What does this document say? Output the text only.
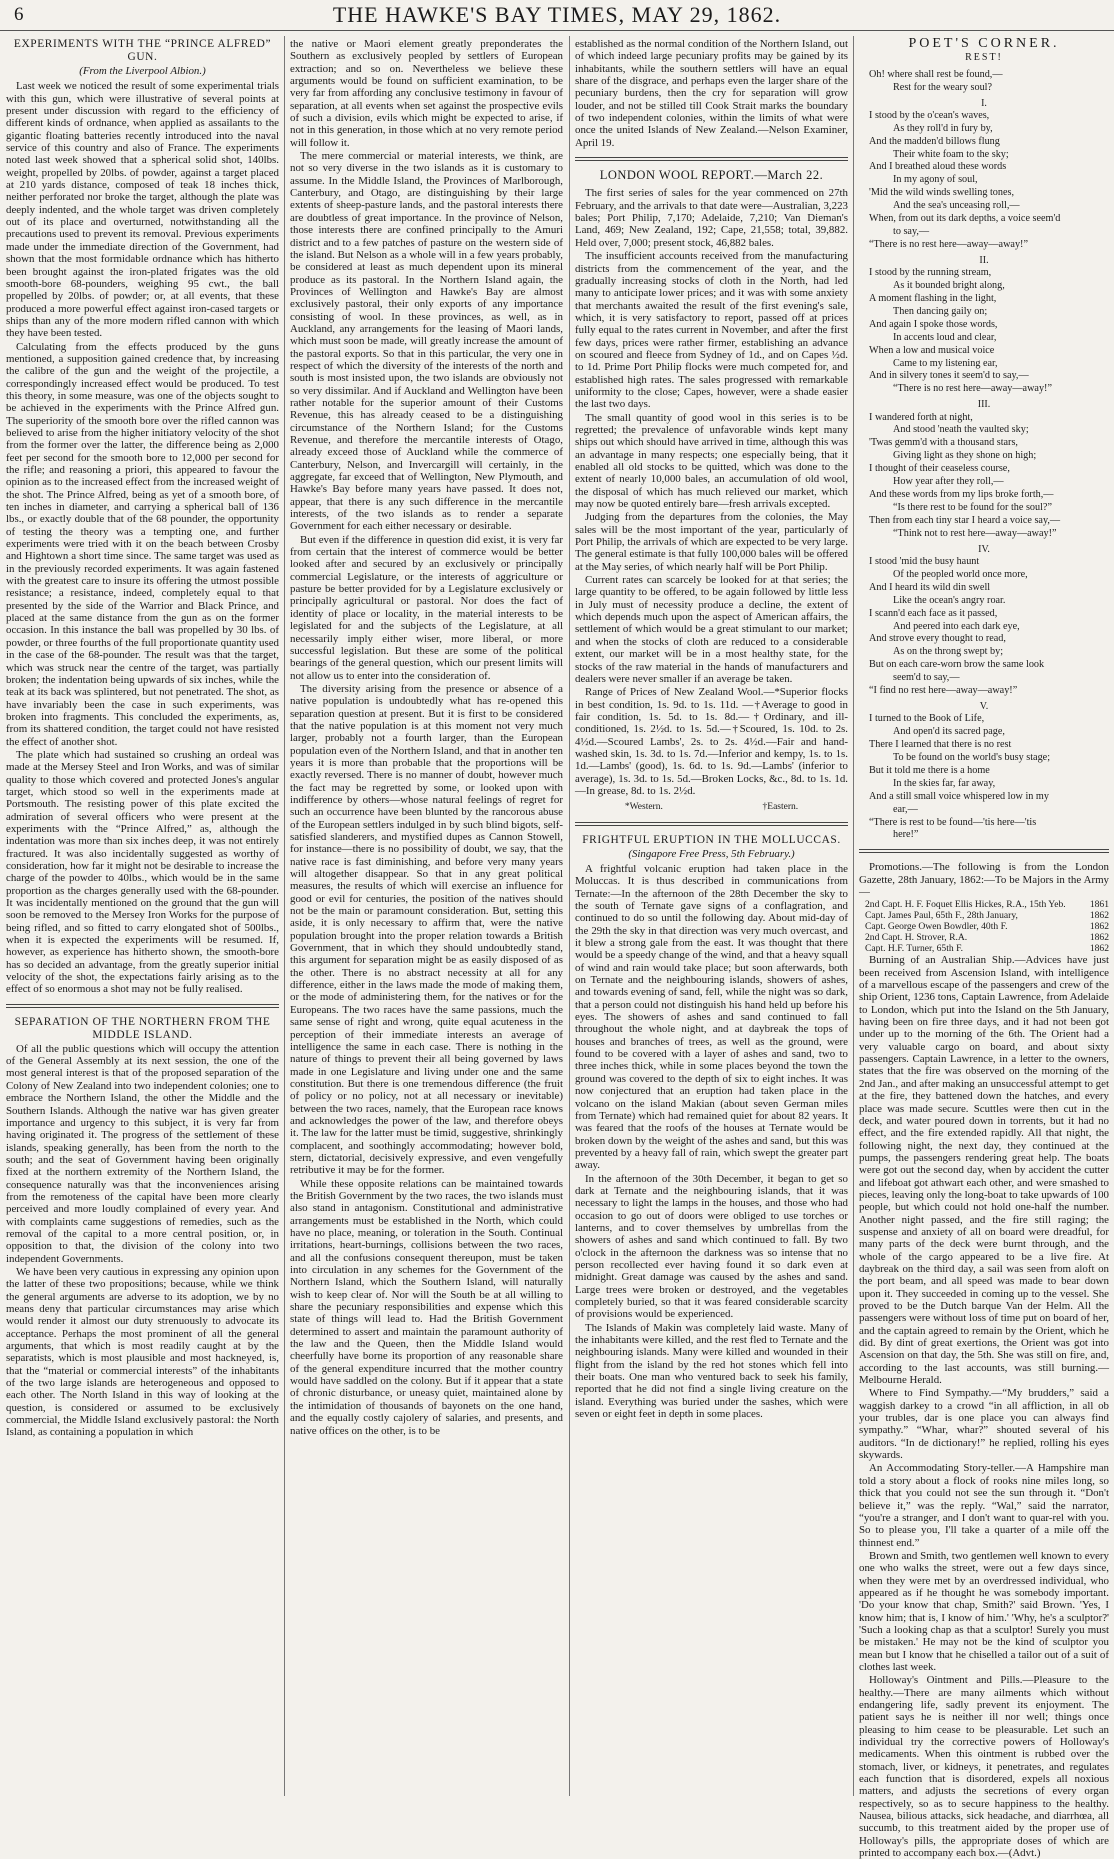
6	THE HAWKE'S BAY TIMES, MAY 29, 1862.
EXPERIMENTS WITH THE “PRINCE ALFRED” GUN.
(From the Liverpool Albion.)

Last week we noticed the result of some experimental trials with this gun, which were illustrative of several points at present under discussion with regard to the efficiency of different kinds of ordnance, when applied as assailants to the gigantic floating batteries recently introduced into the naval service of this country and also of France. The experiments noted last week showed that a spherical solid shot, 140lbs. weight, propelled by 20lbs. of powder, against a target placed at 210 yards distance, composed of teak 18 inches thick, neither perforated nor broke the target, although the plate was deeply indented, and the whole target was driven completely out of its place and overturned, notwithstanding all the precautions used to prevent its removal. Previous experiments made under the immediate direction of the Government, had shown that the most formidable ordnance which has hitherto been brought against the iron-plated frigates was the old smooth-bore 68-pounders, weighing 95 cwt., the ball propelled by 20lbs. of powder; or, at all events, that these produced a more powerful effect against iron-cased targets or ships than any of the more modern rifled cannon with which they have been tested.

Calculating from the effects produced by the guns mentioned, a supposition gained credence that, by increasing the calibre of the gun and the weight of the projectile, a correspondingly increased effect would be produced. To test this theory, in some measure, was one of the objects sought to be achieved in the experiments with the Prince Alfred gun. The superiority of the smooth bore over the rifled cannon was believed to arise from the higher initiatory velocity of the shot from the former over the latter, the difference being as 2,000 feet per second for the smooth bore to 12,000 per second for the rifle; and reasoning a priori, this appeared to favour the opinion as to the increased effect from the increased weight of the shot. The Prince Alfred, being as yet of a smooth bore, of ten inches in diameter, and carrying a spherical ball of 136 lbs., or exactly double that of the 68 pounder, the opportunity of testing the theory was a tempting one, and further experiments were tried with it on the beach between Crosby and Hightown a short time since. The same target was used as in the previously recorded experiments. It was again fastened with the greatest care to insure its offering the utmost possible resistance; a resistance, indeed, completely equal to that presented by the side of the Warrior and Black Prince, and placed at the same distance from the gun as on the former occasion. In this instance the ball was propelled by 30 lbs. of powder, or three fourths of the full proportionate quantity used in the case of the 68-pounder. The result was that the target, which was struck near the centre of the target, was partially broken; the indentation being upwards of six inches, while the teak at its back was splintered, but not penetrated. The shot, as have invariably been the case in such experiments, was broken into fragments. This concluded the experiments, as, from its shattered condition, the target could not have resisted the effect of another shot.

The plate which had sustained so crushing an ordeal was made at the Mersey Steel and Iron Works, and was of similar quality to those which covered and protected Jones's angular target, which stood so well in the experiments made at Portsmouth. The resisting power of this plate excited the admiration of several officers who were present at the experiments with the “Prince Alfred,” as, although the indentation was more than six inches deep, it was not entirely fractured. It was also incidentally suggested as worthy of consideration, how far it might not be desirable to increase the charge of the powder to 40lbs., which would be in the same proportion as the charges generally used with the 68-pounder. It was incidentally mentioned on the ground that the gun will soon be removed to the Mersey Iron Works for the purpose of being rifled, and so fitted to carry elongated shot of 500lbs., when it is expected the experiments will be resumed. If, however, as experience has hitherto shown, the smooth-bore has so decided an advantage, from the greatly superior initial velocity of the shot, the expectations fairly arising as to the effect of so enormous a shot may not be fully realised.

SEPARATION OF THE NORTHERN FROM THE MIDDLE ISLAND.

Of all the public questions which will occupy the attention of the General Assembly at its next session, the one of the most general interest is that of the proposed separation of the Colony of New Zealand into two independent colonies; one to embrace the Northern Island, the other the Middle and the Southern Islands. Although the native war has given greater importance and urgency to this subject, it is very far from having originated it. The progress of the settlement of these islands, speaking generally, has been from the north to the south; and the seat of Government having been originally fixed at the northern extremity of the Northern Island, the consequence naturally was that the inconveniences arising from the remoteness of the capital have been more clearly perceived and more loudly complained of every year. And with complaints came suggestions of remedies, such as the removal of the capital to a more central position, or, in opposition to that, the division of the colony into two independent Governments.

We have been very cautious in expressing any opinion upon the latter of these two propositions; because, while we think the general arguments are adverse to its adoption, we by no means deny that particular circumstances may arise which would render it almost our duty strenuously to advocate its acceptance. Perhaps the most prominent of all the general arguments, that which is most readily caught at by the separatists, which is most plausible and most hackneyed, is, that the “material or commercial interests” of the inhabitants of the two large islands are heterogeneous and opposed to each other. The North Island in this way of looking at the question, is considered or assumed to be exclusively commercial, the Middle Island exclusively pastoral: the North Island, as containing a population in which

the native or Maori element greatly preponderates the Southern as exclusively peopled by settlers of European extraction; and so on. Nevertheless we believe these arguments would be found on sufficient examination, to be very far from affording any conclusive testimony in favour of separation, at all events when set against the prospective evils of such a division, evils which might be expected to arise, if not in this generation, in those which at no very remote period will follow it.

The mere commercial or material interests, we think, are not so very diverse in the two islands as it is customary to assume. In the Middle Island, the Provinces of Marlborough, Canterbury, and Otago, are distinguishing by their large extents of sheep-pasture lands, and the pastoral interests there are doubtless of great importance. In the province of Nelson, those interests there are confined principally to the Amuri district and to a few patches of pasture on the western side of the island. But Nelson as a whole will in a few years probably, be considered at least as much dependent upon its mineral produce as its pastoral. In the Northern Island again, the Provinces of Wellington and Hawke's Bay are almost exclusively pastoral, their only exports of any importance consisting of wool. In these provinces, as well, as in Auckland, any arrangements for the leasing of Maori lands, which must soon be made, will greatly increase the amount of the pastoral exports. So that in this particular, the very one in respect of which the diversity of the interests of the north and south is most insisted upon, the two islands are obviously not so very dissimilar. And if Auckland and Wellington have been rather notable for the superior amount of their Customs Revenue, this has already ceased to be a distinguishing circumstance of the Northern Island; for the Customs Revenue, and therefore the mercantile interests of Otago, already exceed those of Auckland while the commerce of Canterbury, Nelson, and Invercargill will certainly, in the aggregate, far exceed that of Wellington, New Plymouth, and Hawke's Bay before many years have passed. It does not, appear, that there is any such difference in the mercantile interests, of the two islands as to render a separate Government for each either necessary or desirable.

But even if the difference in question did exist, it is very far from certain that the interest of commerce would be better looked after and secured by an exclusively or principally commercial Legislature, or the interests of aggriculture or pasture be better provided for by a Legislature exclusively or principally agricultural or pastoral. Nor does the fact of identity of place or locality, in the material interests to be legislated for and the subjects of the Legislature, at all necessarily imply either wiser, more liberal, or more successful legislation. But these are some of the political bearings of the general question, which our present limits will not allow us to enter into the consideration of.

The diversity arising from the presence or absence of a native population is undoubtedly what has re-opened this separation question at present. But it is first to be considered that the native population is at this moment not very much larger, probably not a fourth larger, than the European population even of the Northern Island, and that in another ten years it is more than probable that the proportions will be exactly reversed. There is no manner of doubt, however much the fact may be regretted by some, or looked upon with indifference by others—whose natural feelings of regret for such an occurrence have been blunted by the rancorous abuse of the European settlers indulged in by such blind bigots, self-satisfied slanderers, and mystified dupes as Cannon Stowell, for instance—there is no possibility of doubt, we say, that the native race is fast diminishing, and before very many years will altogether disappear. So that in any great political measures, the results of which will exercise an influence for good or evil for centuries, the position of the natives should not be the main or paramount consideration. But, setting this aside, it is only necessary to affirm that, were the native population brought into the proper relation towards a British Government, that in which they should undoubtedly stand, this argument for separation might be as easily disposed of as the other. There is no abstract necessity at all for any difference, either in the laws made the mode of making them, or the mode of administering them, for the natives or for the Europeans. The two races have the same passions, much the same sense of right and wrong, quite equal acuteness in the perception of their immediate interests an average of intelligence the same in each case. There is nothing in the nature of things to prevent their all being governed by laws made in one Legislature and living under one and the same constitution. But there is one tremendous difference (the fruit of policy or no policy, not at all necessary or inevitable) between the two races, namely, that the European race knows and acknowledges the power of the law, and therefore obeys it. The law for the latter must be timid, suggestive, shrinkingly complacent, and soothingly accommodating; however bold, stern, dictatorial, decisively expressive, and even vengefully retributive it may be for the former.

While these opposite relations can be maintained towards the British Government by the two races, the two islands must also stand in antagonism. Constitutional and administrative arrangements must be established in the North, which could have no place, meaning, or toleration in the South. Continual irritations, heart-burnings, collisions between the two races, and all the confusions consequent thereupon, must be taken into circulation in any schemes for the Government of the Northern Island, which the Southern Island, will naturally wish to keep clear of. Nor will the South be at all willing to share the pecuniary responsibilities and expense which this state of things will lead to. Had the British Government determined to assert and maintain the paramount authority of the law and the Queen, then the Middle Island would cheerfully have borne its proportion of any reasonable share of the general expenditure incurred that the mother country would have saddled on the colony. But if it appear that a state of chronic disturbance, or uneasy quiet, maintained alone by the intimidation of thousands of bayonets on the one hand, and the equally costly cajolery of salaries, and presents, and native offices on the other, is to be

established as the normal condition of the Northern Island, out of which indeed large pecuniary profits may be gained by its inhabitants, while the southern settlers will have an equal share of the disgrace, and perhaps even the larger share of the pecuniary burdens, then the cry for separation will grow louder, and not be stilled till Cook Strait marks the boundary of two independent colonies, within the limits of what were once the united Islands of New Zealand.—Nelson Examiner, April 19.

LONDON WOOL REPORT.—March 22.

The first series of sales for the year commenced on 27th February, and the arrivals to that date were—Australian, 3,223 bales; Port Philip, 7,170; Adelaide, 7,210; Van Dieman's Land, 469; New Zealand, 192; Cape, 21,558; total, 39,882. Held over, 7,000; present stock, 46,882 bales.

The insufficient accounts received from the manufacturing districts from the commencement of the year, and the gradually increasing stocks of cloth in the North, had led many to anticipate lower prices; and it was with some anxiety that merchants awaited the result of the first evening's sale, which, it is very satisfactory to report, passed off at prices fully equal to the rates current in November, and after the first few days, prices were rather firmer, establishing an advance on scoured and fleece from Sydney of 1d., and on Capes ½d. to 1d. Prime Port Philip flocks were much competed for, and established high rates. The sales progressed with remarkable uniformity to the close; Capes, however, were a shade easier the last two days.

The small quantity of good wool in this series is to be regretted; the prevalence of unfavorable winds kept many ships out which should have arrived in time, although this was an advantage in many respects; one especially being, that it enabled all old stocks to be quitted, which was done to the extent of nearly 10,000 bales, an accumulation of old wool, the disposal of which has much relieved our market, which may now be quoted entirely bare—fresh arrivals excepted.

Judging from the departures from the colonies, the May sales will be the most important of the year, particularly of Port Philip, the arrivals of which are expected to be very large. The general estimate is that fully 100,000 bales will be offered at the May series, of which nearly half will be Port Philip.

Current rates can scarcely be looked for at that series; the large quantity to be offered, to be again followed by little less in July must of necessity produce a decline, the extent of which depends much upon the aspect of American affairs, the settlement of which would be a great stimulant to our market; and when the stocks of cloth are reduced to a considerable extent, our market will be in a most healthy state, for the stocks of the raw material in the hands of manufacturers and dealers were never smaller if an average be taken.

Range of Prices of New Zealand Wool.—*Superior flocks in best condition, 1s. 9d. to 1s. 11d. —†Average to good in fair condition, 1s. 5d. to 1s. 8d.—†Ordinary, and ill-conditioned, 1s. 2½d. to 1s. 5d.—†Scoured, 1s. 10d. to 2s. 4½d.—Scoured Lambs', 2s. to 2s. 4½d.—Fair and hand-washed skin, 1s. 3d. to 1s. 7d.—Inferior and kempy, 1s. to 1s. 1d.—Lambs' (good), 1s. 6d. to 1s. 9d.—Lambs' (inferior to average), 1s. 3d. to 1s. 5d.—Broken Locks, &c., 8d. to 1s. 1d.—In grease, 8d. to 1s. 2½d.

*Western.	†Eastern.
FRIGHTFUL ERUPTION IN THE MOLLUCCAS.
(Singapore Free Press, 5th February.)

A frightful volcanic eruption had taken place in the Moluccas. It is thus described in communications from Ternate:—In the afternoon of the 28th December the sky to the south of Ternate gave signs of a conflagration, and continued to do so until the following day. About mid-day of the 29th the sky in that direction was very much overcast, and it blew a strong gale from the east. It was thought that there would be a speedy change of the wind, and that a heavy squall of wind and rain would take place; but soon afterwards, both on Ternate and the neighbouring islands, showers of ashes, and towards evening of sand, fell, while the night was so dark, that a person could not distinguish his hand held up before his eyes. The showers of ashes and sand continued to fall throughout the whole night, and at daybreak the tops of houses and branches of trees, as well as the ground, were found to be covered with a layer of ashes and sand, two to three inches thick, while in some places beyond the town the ground was covered to the depth of six to eight inches. It was now conjectured that an eruption had taken place in the volcano on the island Makian (about seven German miles from Ternate) which had remained quiet for about 82 years. It was feared that the roofs of the houses at Ternate would be broken down by the weight of the ashes and sand, but this was prevented by a heavy fall of rain, which swept the greater part away.

In the afternoon of the 30th December, it began to get so dark at Ternate and the neighbouring islands, that it was necessary to light the lamps in the houses, and those who had occasion to go out of doors were obliged to use torches or lanterns, and to cover themselves by umbrellas from the showers of ashes and sand which continued to fall. By two o'clock in the afternoon the darkness was so intense that no person recollected ever having found it so dark even at midnight. Great damage was caused by the ashes and sand. Large trees were broken or destroyed, and the vegetables completely buried, so that it was feared considerable scarcity of provisions would be experienced.

The Islands of Makin was completely laid waste. Many of the inhabitants were killed, and the rest fled to Ternate and the neighbouring islands. Many were killed and wounded in their flight from the island by the red hot stones which fell into their boats. One man who ventured back to seek his family, reported that he did not find a single living creature on the island. Everything was buried under the sashes, which were seven or eight feet in depth in some places.

POET'S CORNER.
REST!

Oh! where shall rest be found,—

Rest for the weary soul?

I.

I stood by the o'cean's waves,

As they roll'd in fury by,

And the madden'd billows flung

Their white foam to the sky;

And I breathed aloud these words

In my agony of soul,

'Mid the wild winds swelling tones,

And the sea's unceasing roll,—

When, from out its dark depths, a voice seem'd

to say,—

“There is no rest here—away—away!”

II.

I stood by the running stream,

As it bounded bright along,

A moment flashing in the light,

Then dancing gaily on;

And again I spoke those words,

In accents loud and clear,

When a low and musical voice

Came to my listening ear,

And in silvery tones it seem'd to say,—

“There is no rest here—away—away!”

III.

I wandered forth at night,

And stood 'neath the vaulted sky;

'Twas gemm'd with a thousand stars,

Giving light as they shone on high;

I thought of their ceaseless course,

How year after they roll,—

And these words from my lips broke forth,—

“Is there rest to be found for the soul?”

Then from each tiny star I heard a voice say,—

“Think not to rest here—away—away!”

IV.

I stood 'mid the busy haunt

Of the peopled world once more,

And I heard its wild din swell

Like the ocean's angry roar.

I scann'd each face as it passed,

And peered into each dark eye,

And strove every thought to read,

As on the throng swept by;

But on each care-worn brow the same look

seem'd to say,—

“I find no rest here—away—away!”

V.

I turned to the Book of Life,

And open'd its sacred page,

There I learned that there is no rest

To be found on the world's busy stage;

But it told me there is a home

In the skies far, far away,

And a still small voice whispered low in my

ear,—

“There is rest to be found—'tis here—'tis

here!”

Promotions.—The following is from the London Gazette, 28th January, 1862:—To be Majors in the Army—

2nd Capt. H. F. Foquet Ellis Hickes, R.A., 15th Yeb.	1861
Capt. James Paul, 65th F., 28th January,	1862
Capt. George Owen Bowdler, 40th F.	1862
2nd Capt. H. Strover, R.A.	1862
Capt. H.F. Turner, 65th F.	1862

Burning of an Australian Ship.—Advices have just been received from Ascension Island, with intelligence of a marvellous escape of the passengers and crew of the ship Orient, 1236 tons, Captain Lawrence, from Adelaide to London, which put into the Island on the 5th January, having been on fire three days, and it had not been got under up to the morning of the 6th. The Orient had a very valuable cargo on board, and about sixty passengers. Captain Lawrence, in a letter to the owners, states that the fire was observed on the morning of the 2nd Jan., and after making an unsuccessful attempt to get at the fire, they battened down the hatches, and every place was made secure. Scuttles were then cut in the deck, and water poured down in torrents, but it had no effect, and the fire extended rapidly. All that night, the following night, the next day, they continued at the pumps, the passengers rendering great help. The boats were got out the second day, when by accident the cutter and lifeboat got athwart each other, and were smashed to pieces, leaving only the long-boat to take upwards of 100 people, but which could not hold one-half the number. Another night passed, and the fire still raging; the suspense and anxiety of all on board were dreadful, for many parts of the deck were burnt through, and the whole of the cargo appeared to be a live fire. At daybreak on the third day, a sail was seen from aloft on the port beam, and all speed was made to bear down upon it. They succeeded in coming up to the vessel. She proved to be the Dutch barque Van der Helm. All the passengers were without loss of time put on board of her, and the captain agreed to remain by the Orient, which he did. By dint of great exertions, the Orient was got into Ascension on that day, the 5th. She was still on fire, and, according to the last accounts, was still burning.—Melbourne Herald.

Where to Find Sympathy.—“My brudders,” said a waggish darkey to a crowd “in all affliction, in all ob your trubles, dar is one place you can always find sympathy.” “Whar, whar?” shouted several of his auditors. “In de dictionary!” he replied, rolling his eyes skywards.

An Accommodating Story-teller.—A Hampshire man told a story about a flock of rooks nine miles long, so thick that you could not see the sun through it. “Don't believe it,” was the reply. “Wal,” said the narrator, “you're a stranger, and I don't want to quar-rel with you. So to please you, I'll take a quarter of a mile off the thinnest end.”

Brown and Smith, two gentlemen well known to every one who walks the street, were out a few days since, when they were met by an overdressed individual, who appeared as if he thought he was somebody important. 'Do your know that chap, Smith?' said Brown. 'Yes, I know him; that is, I know of him.' 'Why, he's a sculptor?' 'Such a looking chap as that a sculptor! Surely you must be mistaken.' He may not be the kind of sculptor you mean but I know that he chiselled a tailor out of a suit of clothes last week.

Holloway's Ointment and Pills.—Pleasure to the healthy.—There are many ailments which without endangering life, sadly prevent its enjoyment. The patient says he is neither ill nor well; things once pleasing to him cease to be pleasurable. Let such an individual try the corrective powers of Holloway's medicaments. When this ointment is rubbed over the stomach, liver, or kidneys, it penetrates, and regulates each function that is disordered, expels all noxious matters, and adjusts the secretions of every organ respectively, so as to secure happiness to the healthy. Nausea, bilious attacks, sick headache, and diarrhœa, all succumb, to this treatment aided by the proper use of Holloway's pills, the appropriate doses of which are printed to accompany each box.—(Advt.)
